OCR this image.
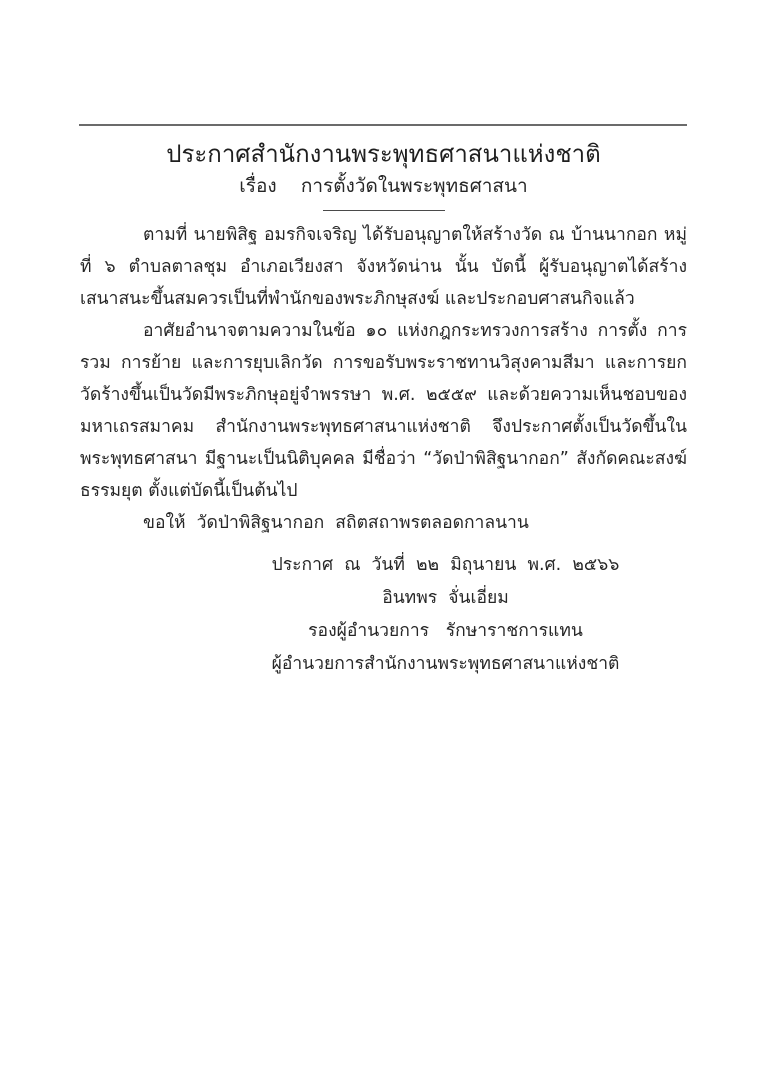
ประกาศสำนักงานพระพุทธศาสนาแห่งชาติ
เรื่อง    การตั้งวัดในพระพุทธศาสนา

ตามที่ นายพิสิฐ อมรกิจเจริญ ได้รับอนุญาตให้สร้างวัด ณ บ้านนากอก หมู่ที่ ๖ ตำบลตาลชุม อำเภอเวียงสา จังหวัดน่าน นั้น บัดนี้ ผู้รับอนุญาตได้สร้างเสนาสนะขึ้นสมควรเป็นที่พำนักของพระภิกษุสงฆ์ และประกอบศาสนกิจแล้ว

อาศัยอำนาจตามความในข้อ ๑๐ แห่งกฎกระทรวงการสร้าง การตั้ง การรวม การย้าย และการยุบเลิกวัด การขอรับพระราชทานวิสุงคามสีมา และการยกวัดร้างขึ้นเป็นวัดมีพระภิกษุอยู่จำพรรษา พ.ศ. ๒๕๕๙ และด้วยความเห็นชอบของมหาเถรสมาคม สำนักงานพระพุทธศาสนาแห่งชาติ จึงประกาศตั้งเป็นวัดขึ้นในพระพุทธศาสนา มีฐานะเป็นนิติบุคคล มีชื่อว่า “วัดป่าพิสิฐนากอก” สังกัดคณะสงฆ์ธรรมยุต ตั้งแต่บัดนี้เป็นต้นไป

ขอให้  วัดป่าพิสิฐนากอก  สถิตสถาพรตลอดกาลนาน

ประกาศ  ณ  วันที่  ๒๒  มิถุนายน  พ.ศ.  ๒๕๖๖
อินทพร  จั่นเอี่ยม
รองผู้อำนวยการ   รักษาราชการแทน
ผู้อำนวยการสำนักงานพระพุทธศาสนาแห่งชาติ
